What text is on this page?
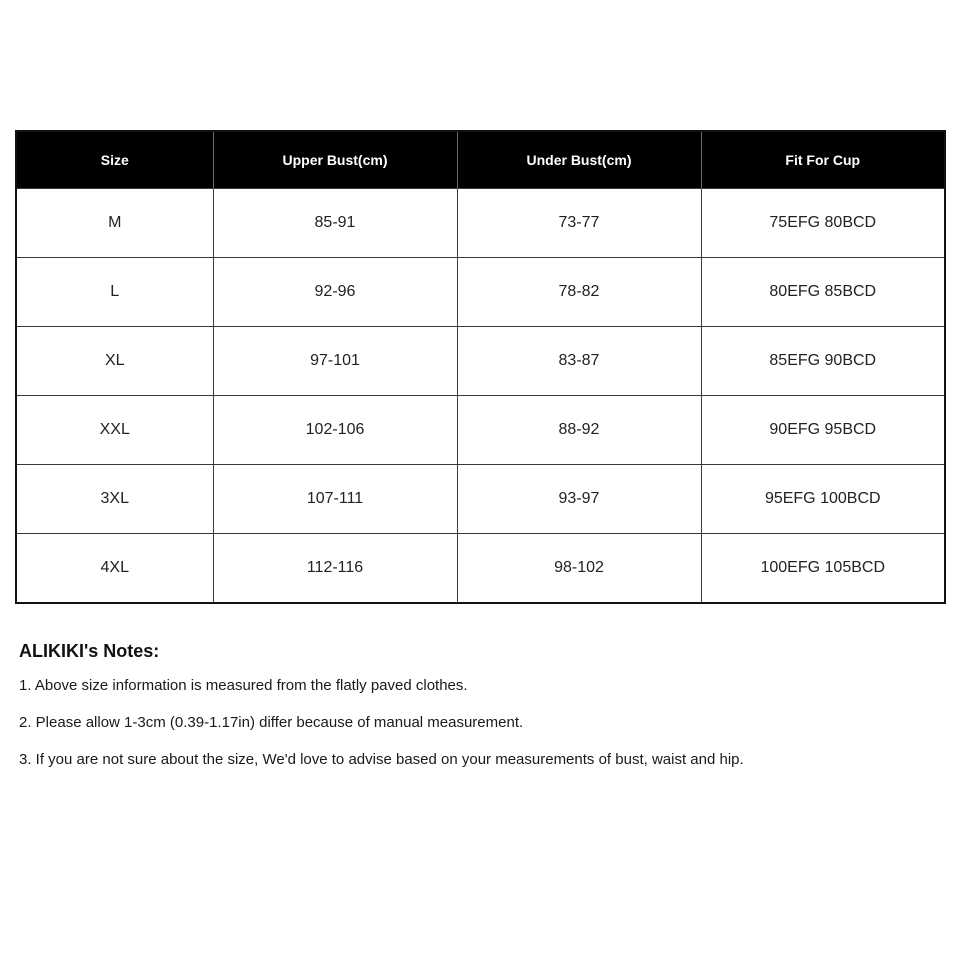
Size	Upper Bust(cm)	Under Bust(cm)	Fit For Cup
M	85-91	73-77	75EFG 80BCD
L	92-96	78-82	80EFG 85BCD
XL	97-101	83-87	85EFG 90BCD
XXL	102-106	88-92	90EFG 95BCD
3XL	107-111	93-97	95EFG 100BCD
4XL	112-116	98-102	100EFG 105BCD
ALIKIKI's Notes:
1. Above size information is measured from the flatly paved clothes.
2. Please allow 1-3cm (0.39-1.17in) differ because of manual measurement.
3. If you are not sure about the size, We'd love to advise based on your measurements of bust, waist and hip.
